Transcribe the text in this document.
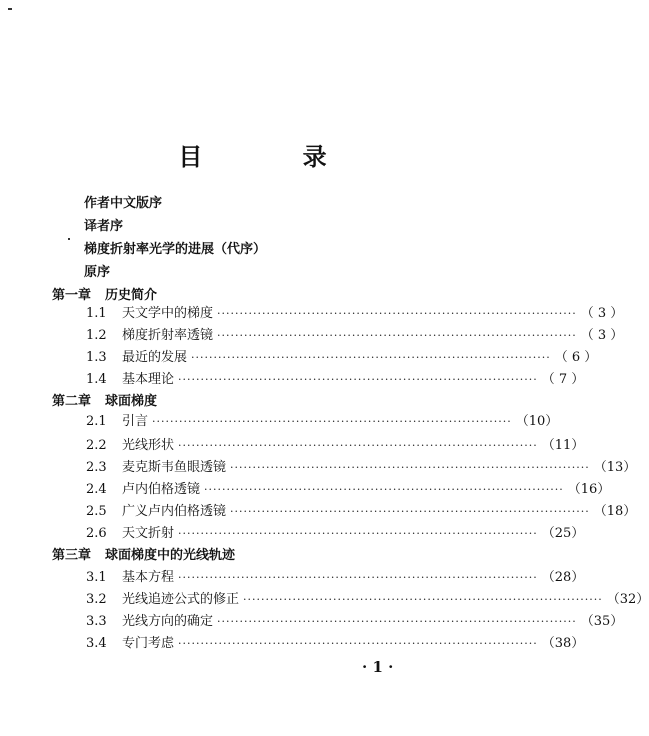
目 录
作者中文版序
译者序
梯度折射率光学的进展（代序）
原序
第一章 历史简介
1.1	天文学中的梯度 ················································································ （ 3 ）
1.2	梯度折射率透镜 ················································································ （ 3 ）
1.3	最近的发展 ················································································ （ 6 ）
1.4	基本理论 ················································································ （ 7 ）
第二章 球面梯度
2.1	引言 ················································································ （10）
2.2	光线形状 ················································································ （11）
2.3	麦克斯韦鱼眼透镜 ················································································ （13）
2.4	卢内伯格透镜 ················································································ （16）
2.5	广义卢内伯格透镜 ················································································ （18）
2.6	天文折射 ················································································ （25）
第三章 球面梯度中的光线轨迹
3.1	基本方程 ················································································ （28）
3.2	光线追迹公式的修正 ················································································ （32）
3.3	光线方向的确定 ················································································ （35）
3.4	专门考虑 ················································································ （38）
· 1 ·
